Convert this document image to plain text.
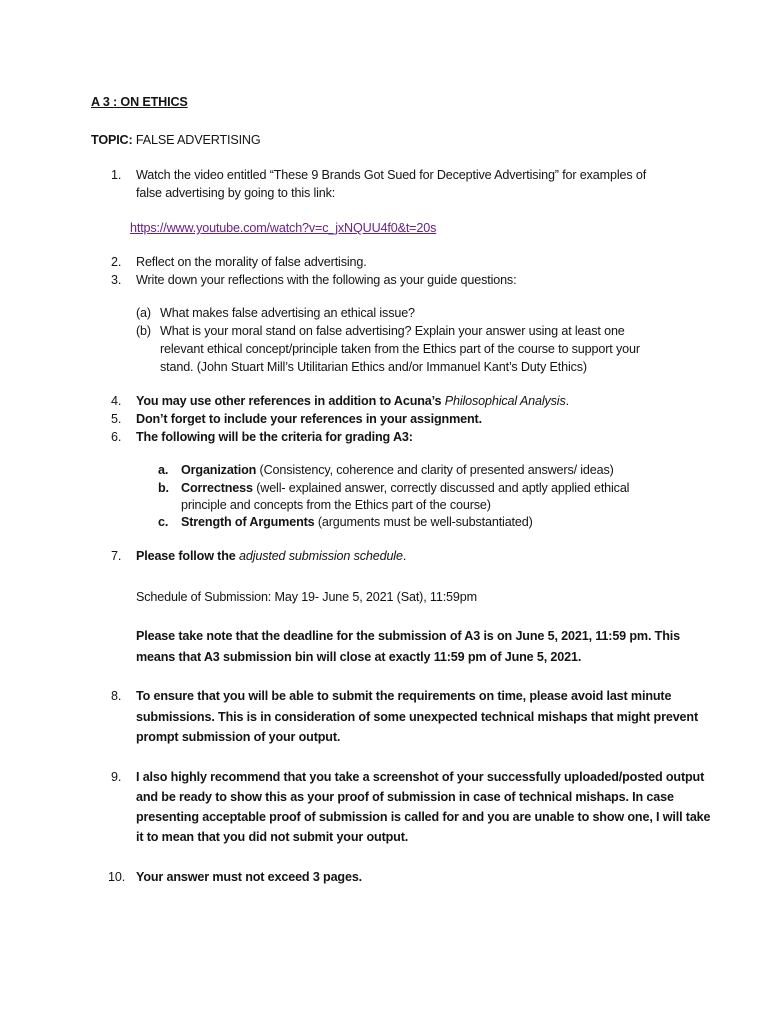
A 3 : ON ETHICS
TOPIC: FALSE ADVERTISING
1. Watch the video entitled “These 9 Brands Got Sued for Deceptive Advertising” for examples of
false advertising by going to this link:
https://www.youtube.com/watch?v=c_jxNQUU4f0&t=20s
2. Reflect on the morality of false advertising.
3. Write down your reflections with the following as your guide questions:
(a) What makes false advertising an ethical issue?
(b) What is your moral stand on false advertising? Explain your answer using at least one
relevant ethical concept/principle taken from the Ethics part of the course to support your
stand. (John Stuart Mill’s Utilitarian Ethics and/or Immanuel Kant’s Duty Ethics)
4. You may use other references in addition to Acuna’s Philosophical Analysis.
5. Don’t forget to include your references in your assignment.
6. The following will be the criteria for grading A3:
a. Organization (Consistency, coherence and clarity of presented answers/ ideas)
b. Correctness (well- explained answer, correctly discussed and aptly applied ethical
principle and concepts from the Ethics part of the course)
c. Strength of Arguments (arguments must be well-substantiated)
7. Please follow the adjusted submission schedule.
Schedule of Submission: May 19- June 5, 2021 (Sat), 11:59pm
Please take note that the deadline for the submission of A3 is on June 5, 2021, 11:59 pm. This
means that A3 submission bin will close at exactly 11:59 pm of June 5, 2021.
8. To ensure that you will be able to submit the requirements on time, please avoid last minute
submissions. This is in consideration of some unexpected technical mishaps that might prevent
prompt submission of your output.
9. I also highly recommend that you take a screenshot of your successfully uploaded/posted output
and be ready to show this as your proof of submission in case of technical mishaps. In case
presenting acceptable proof of submission is called for and you are unable to show one, I will take
it to mean that you did not submit your output.
10. Your answer must not exceed 3 pages.
